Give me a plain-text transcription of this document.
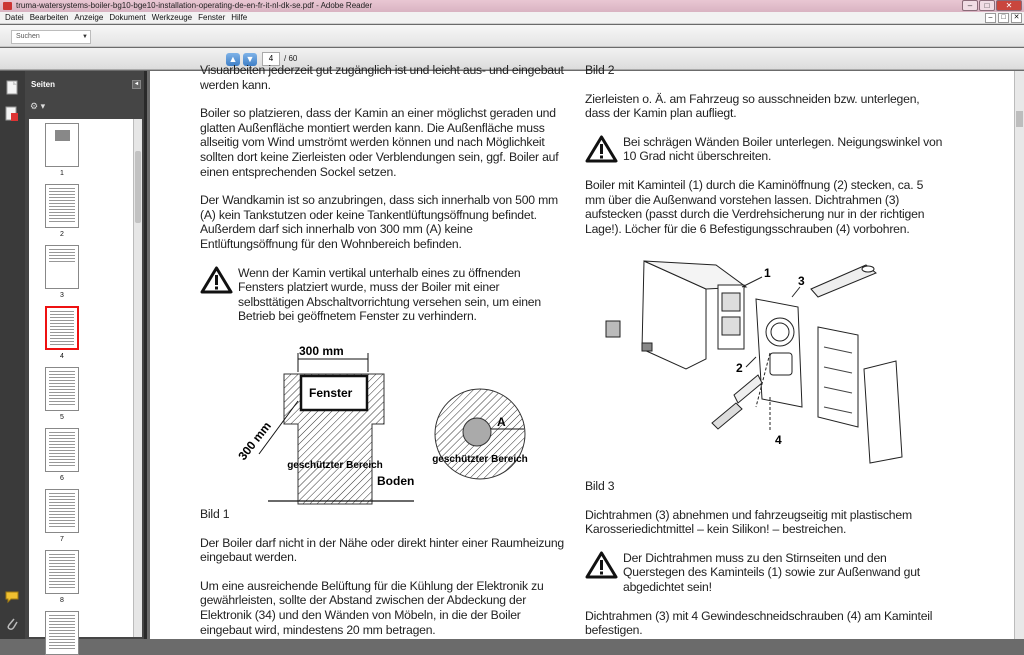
truma-watersystems-boiler-bg10-bge10-installation-operating-de-en-fr-it-nl-dk-se.pdf - Adobe Reader	–	□	✕
Datei Bearbeiten Anzeige Dokument Werkzeuge Fenster Hilfe	–	□	✕
Suchen	▼
▲ ▼	4	/ 60
Seiten	◂
⚙ ▾
1
2
3
4
5
6
7
8
Visuarbeiten jederzeit gut zugänglich ist und leicht aus- und eingebaut werden kann.
Boiler so platzieren, dass der Kamin an einer möglichst geraden und glatten Außenfläche montiert werden kann. Die Außenfläche muss allseitig vom Wind umströmt werden können und nach Möglichkeit sollten dort keine Zierleisten oder Verblendungen sein, ggf. Boiler auf einen entsprechenden Sockel setzen.
Der Wandkamin ist so anzubringen, dass sich innerhalb von 500 mm (A) kein Tankstutzen oder keine Tankentlüftungsöffnung befindet. Außerdem darf sich innerhalb von 300 mm (A) keine Entlüftungsöffnung für den Wohnbereich befinden.
Wenn der Kamin vertikal unterhalb eines zu öffnenden Fensters platziert wurde, muss der Boiler mit einer selbsttätigen Abschaltvorrichtung versehen sein, um einen Betrieb bei geöffnetem Fenster zu verhindern.
300 mm
Fenster
300 mm
geschützter Bereich
Boden
A
geschützter Bereich
Bild 1
Der Boiler darf nicht in der Nähe oder direkt hinter einer Raumheizung eingebaut werden.
Um eine ausreichende Belüftung für die Kühlung der Elektronik zu gewährleisten, sollte der Abstand zwischen der Abdeckung der Elektronik (34) und den Wänden von Möbeln, in die der Boiler eingebaut wird, mindestens 20 mm betragen.
Bild 2
Zierleisten o. Ä. am Fahrzeug so ausschneiden bzw. unterlegen, dass der Kamin plan aufliegt.
Bei schrägen Wänden Boiler unterlegen. Neigungswinkel von 10 Grad nicht überschreiten.
Boiler mit Kaminteil (1) durch die Kaminöffnung (2) stecken, ca. 5 mm über die Außenwand vorstehen lassen. Dichtrahmen (3) aufstecken (passt durch die Verdrehsicherung nur in der richtigen Lage!). Löcher für die 6 Befestigungsschrauben (4) vorbohren.
1
2
3
4
Bild 3
Dichtrahmen (3) abnehmen und fahrzeugseitig mit plastischem Karosseriedichtmittel – kein Silikon! – bestreichen.
Der Dichtrahmen muss zu den Stirnseiten und den Querstegen des Kaminteils (1) sowie zur Außenwand gut abgedichtet sein!
Dichtrahmen (3) mit 4 Gewindeschneidschrauben (4) am Kaminteil befestigen.
